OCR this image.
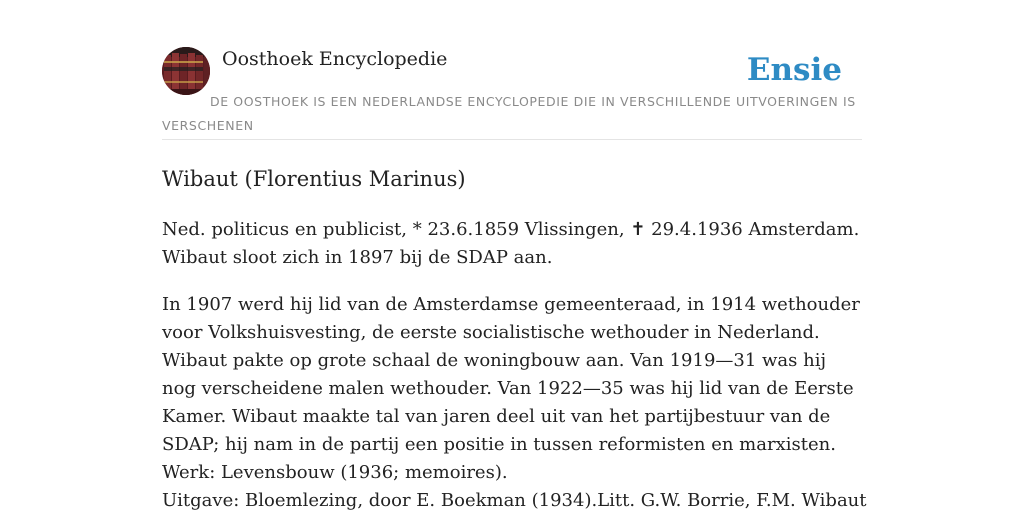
Oosthoek Encyclopedie	Ensie
DE OOSTHOEK IS EEN NEDERLANDSE ENCYCLOPEDIE DIE IN VERSCHILLENDE UITVOERINGEN IS VERSCHENEN
Wibaut (Florentius Marinus)

Ned. politicus en publicist, * 23.6.1859 Vlissingen, ✝ 29.4.1936 Amsterdam. Wibaut sloot zich in 1897 bij de SDAP aan.

In 1907 werd hij lid van de Amsterdamse gemeenteraad, in 1914 wethouder voor Volkshuisvesting, de eerste socialistische wethouder in Nederland. Wibaut pakte op grote schaal de woningbouw aan. Van 1919—31 was hij nog verscheidene malen wethouder. Van 1922—35 was hij lid van de Eerste Kamer. Wibaut maakte tal van jaren deel uit van het partijbestuur van de SDAP; hij nam in de partij een positie in tussen reformisten en marxisten. Werk: Levensbouw (1936; memoires).

Uitgave: Bloemlezing, door E. Boekman (1934).Litt. G.W. Borrie, F.M. Wibaut
